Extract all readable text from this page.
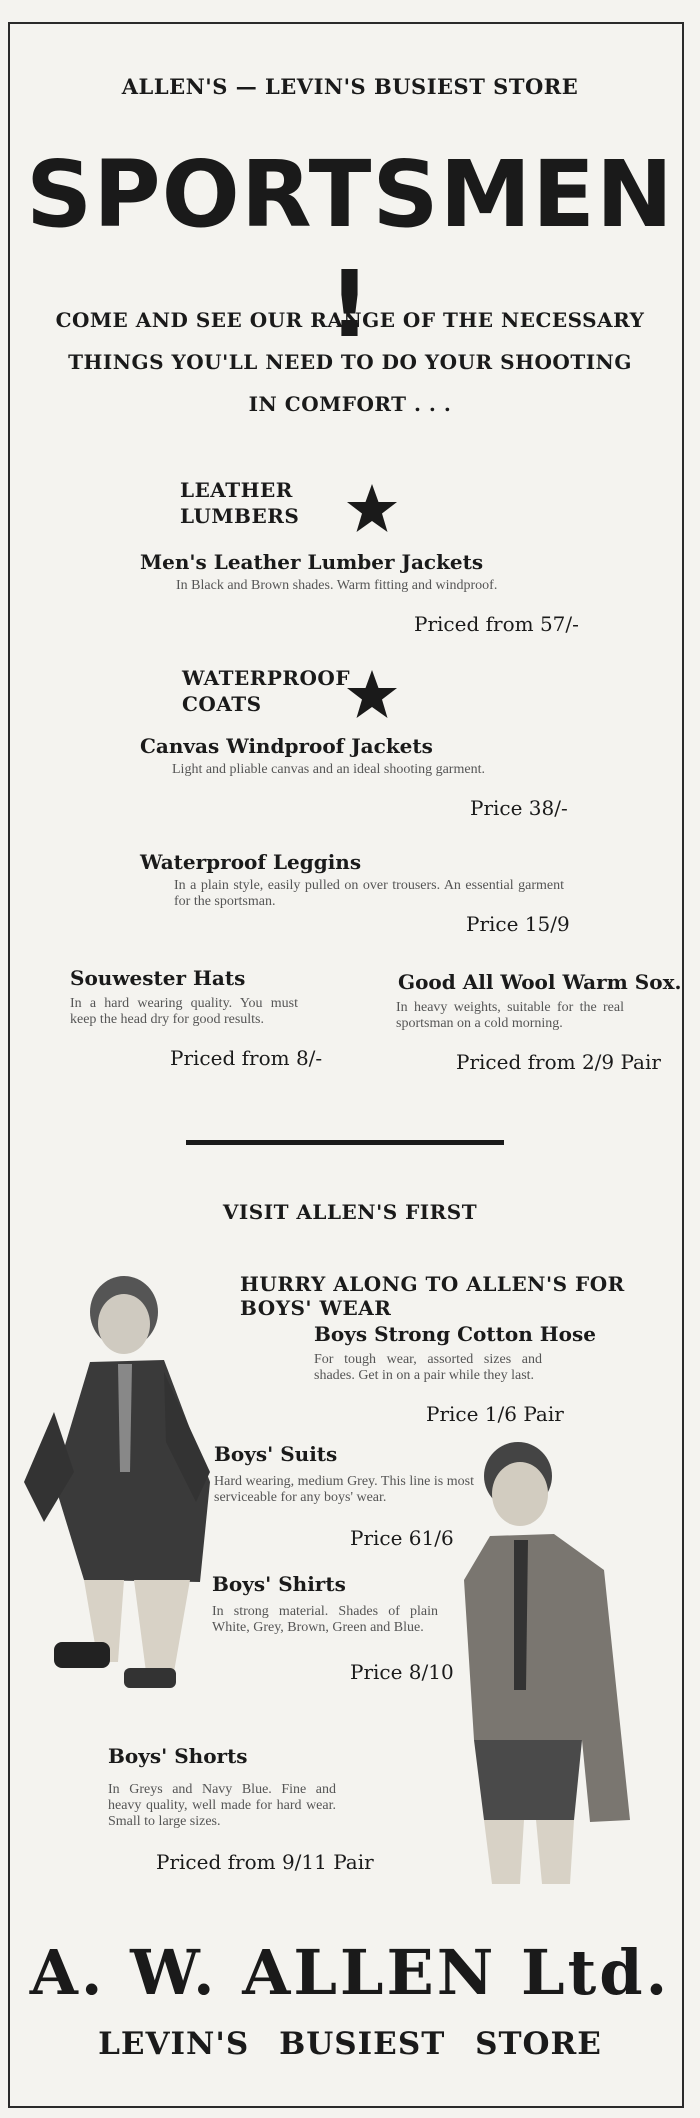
ALLEN'S — LEVIN'S BUSIEST STORE
SPORTSMEN !
COME AND SEE OUR RANGE OF THE NECESSARY
THINGS YOU'LL NEED TO DO YOUR SHOOTING
IN COMFORT . . .
LEATHER
LUMBERS
Men's Leather Lumber Jackets
In Black and Brown shades. Warm fitting and windproof.
Priced from 57/-
WATERPROOF
COATS
Canvas Windproof Jackets
Light and pliable canvas and an ideal shooting garment.
Price 38/-
Waterproof Leggins
In a plain style, easily pulled on over trousers. An essential garment for the sportsman.
Price 15/9
Souwester Hats
In a hard wearing quality. You must keep the head dry for good results.
Priced from 8/-
Good All Wool Warm Sox.
In heavy weights, suitable for the real sportsman on a cold morning.
Priced from 2/9 Pair
VISIT ALLEN'S FIRST
HURRY ALONG TO ALLEN'S FOR BOYS' WEAR
Boys Strong Cotton Hose
For tough wear, assorted sizes and shades. Get in on a pair while they last.
Price 1/6 Pair
Boys' Suits
Hard wearing, medium Grey. This line is most serviceable for any boys' wear.
Price 61/6
Boys' Shirts
In strong material. Shades of plain White, Grey, Brown, Green and Blue.
Price 8/10
Boys' Shorts
In Greys and Navy Blue. Fine and heavy quality, well made for hard wear. Small to large sizes.
Priced from 9/11 Pair
A. W. ALLEN Ltd.
LEVIN'S BUSIEST STORE
